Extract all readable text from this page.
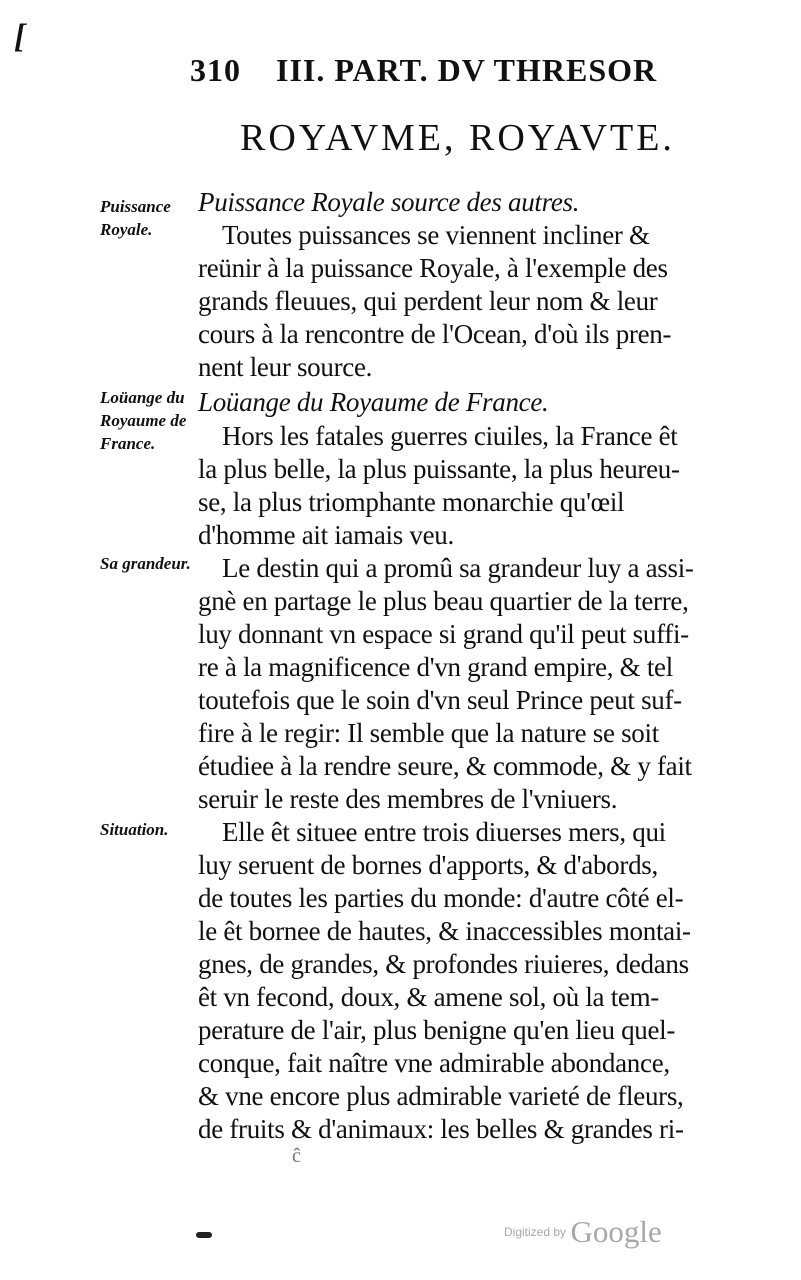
[
310 III. PART. DV THRESOR
ROYAVME, ROYAVTE.
Puissance Royale.
Loüange du Royaume de France.
Sa grandeur.
Situation.
Puissance Royale source des autres.
Toutes puissances se viennent incliner &
reünir à la puissance Royale, à l'exemple des
grands fleuues, qui perdent leur nom & leur
cours à la rencontre de l'Ocean, d'où ils pren-
nent leur source.
Loüange du Royaume de France.
Hors les fatales guerres ciuiles, la France êt
la plus belle, la plus puissante, la plus heureu-
se, la plus triomphante monarchie qu'œil
d'homme ait iamais veu.
Le destin qui a promû sa grandeur luy a assi-
gnè en partage le plus beau quartier de la terre,
luy donnant vn espace si grand qu'il peut suffi-
re à la magnificence d'vn grand empire, & tel
toutefois que le soin d'vn seul Prince peut suf-
fire à le regir: Il semble que la nature se soit
étudiee à la rendre seure, & commode, & y fait
seruir le reste des membres de l'vniuers.
Elle êt situee entre trois diuerses mers, qui
luy seruent de bornes d'apports, & d'abords,
de toutes les parties du monde: d'autre côté el-
le êt bornee de hautes, & inaccessibles montai-
gnes, de grandes, & profondes riuieres, dedans
êt vn fecond, doux, & amene sol, où la tem-
perature de l'air, plus benigne qu'en lieu quel-
conque, fait naître vne admirable abondance,
& vne encore plus admirable varieté de fleurs,
de fruits & d'animaux: les belles & grandes ri-
ĉ
Digitized by Google
